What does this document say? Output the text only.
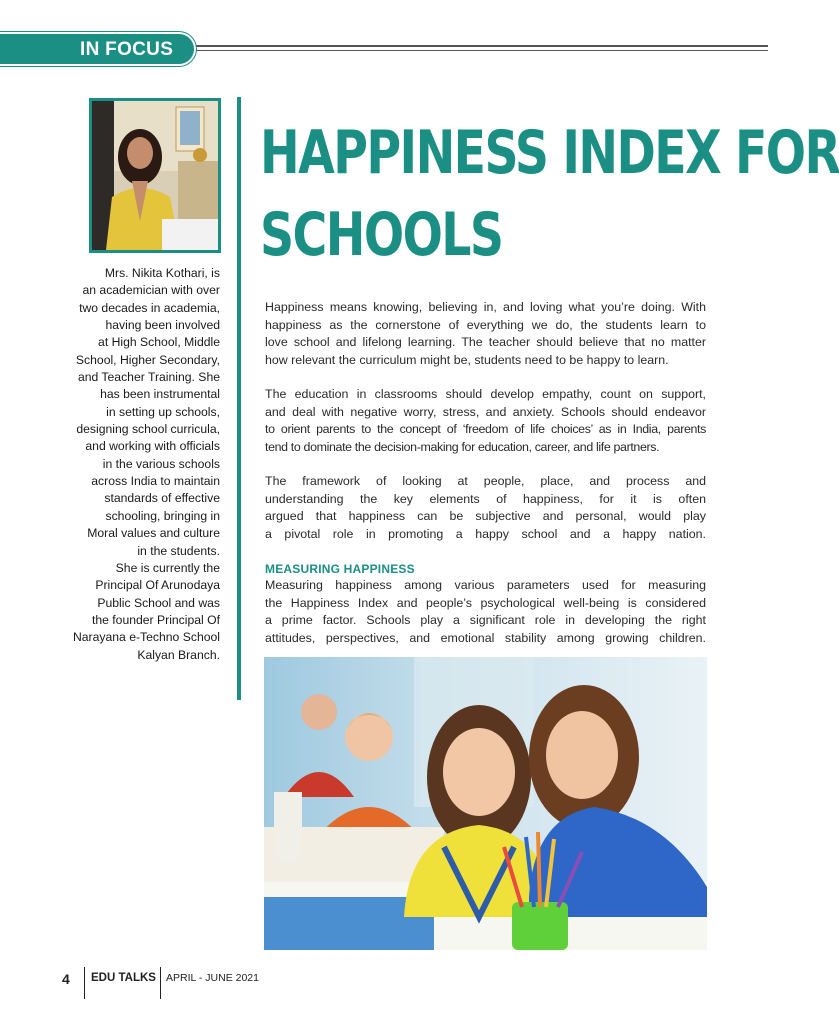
IN FOCUS
Mrs. Nikita Kothari, is
an academician with over
two decades in academia,
having been involved
at High School, Middle
School, Higher Secondary,
and Teacher Training. She
has been instrumental
in setting up schools,
designing school curricula,
and working with officials
in the various schools
across India to maintain
standards of effective
schooling, bringing in
Moral values and culture
in the students.
She is currently the
Principal Of Arunodaya
Public School and was
the founder Principal Of
Narayana e-Techno School
Kalyan Branch.
HAPPINESS INDEX FOR
SCHOOLS
Happiness means knowing, believing in, and loving what you’re doing. With
happiness as the cornerstone of everything we do, the students learn to
love school and lifelong learning. The teacher should believe that no matter
how relevant the curriculum might be, students need to be happy to learn.
The education in classrooms should develop empathy, count on support,
and deal with negative worry, stress, and anxiety. Schools should endeavor
to orient parents to the concept of ‘freedom of life choices’ as in India, parents
tend to dominate the decision-making for education, career, and life partners.
The framework of looking at people, place, and process and
understanding the key elements of happiness, for it is often
argued that happiness can be subjective and personal, would play
a pivotal role in promoting a happy school and a happy nation.
MEASURING HAPPINESS
Measuring happiness among various parameters used for measuring
the Happiness Index and people’s psychological well-being is considered
a prime factor. Schools play a significant role in developing the right
attitudes, perspectives, and emotional stability among growing children.
4 EDU TALKS APRIL - JUNE 2021
